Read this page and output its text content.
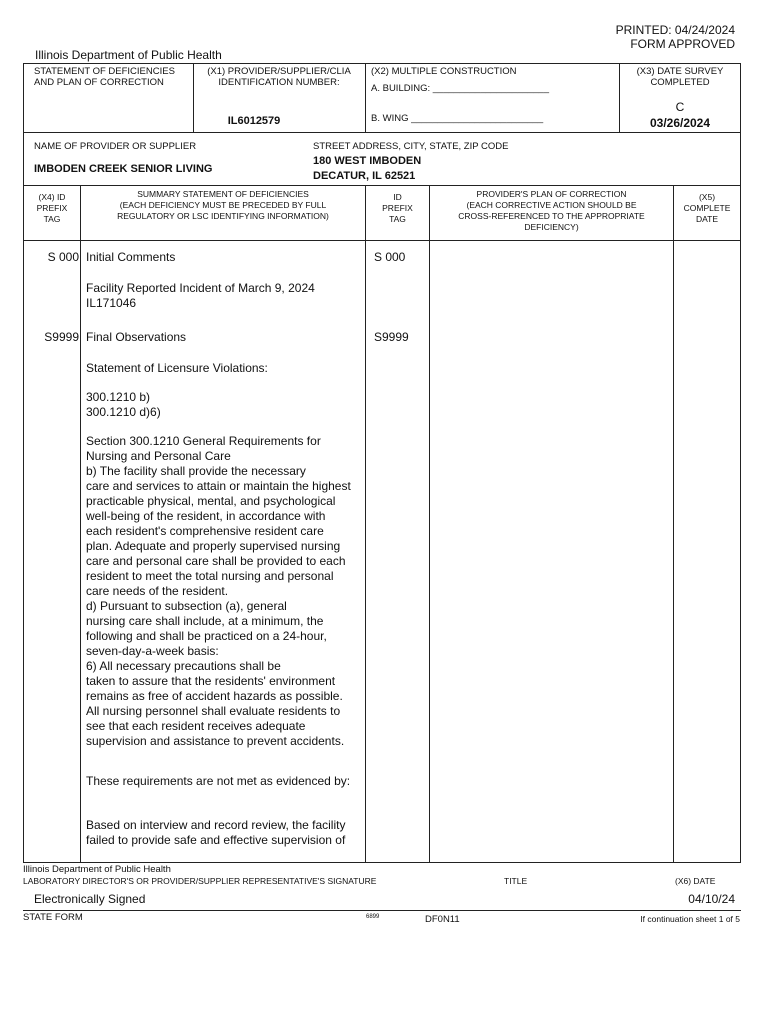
PRINTED: 04/24/2024
FORM APPROVED
Illinois Department of Public Health
STATEMENT OF DEFICIENCIES
AND PLAN OF CORRECTION
(X1) PROVIDER/SUPPLIER/CLIA
IDENTIFICATION NUMBER:
IL6012579
(X2) MULTIPLE CONSTRUCTION
A. BUILDING: ______________________
B. WING _________________________
(X3) DATE SURVEY
COMPLETED
C
03/26/2024
NAME OF PROVIDER OR SUPPLIER
IMBODEN CREEK SENIOR LIVING
STREET ADDRESS, CITY, STATE, ZIP CODE
180 WEST IMBODEN
DECATUR, IL 62521
(X4) ID
PREFIX
TAG
SUMMARY STATEMENT OF DEFICIENCIES
(EACH DEFICIENCY MUST BE PRECEDED BY FULL
REGULATORY OR LSC IDENTIFYING INFORMATION)
ID
PREFIX
TAG
PROVIDER'S PLAN OF CORRECTION
(EACH CORRECTIVE ACTION SHOULD BE
CROSS-REFERENCED TO THE APPROPRIATE
DEFICIENCY)
(X5)
COMPLETE
DATE
S 000 Initial Comments	S 000
Facility Reported Incident of March 9, 2024
IL171046
S9999 Final Observations	S9999
Statement of Licensure Violations:
300.1210 b)
300.1210 d)6)
Section 300.1210 General Requirements for
Nursing and Personal Care
b) The facility shall provide the necessary
care and services to attain or maintain the highest
practicable physical, mental, and psychological
well-being of the resident, in accordance with
each resident's comprehensive resident care
plan. Adequate and properly supervised nursing
care and personal care shall be provided to each
resident to meet the total nursing and personal
care needs of the resident.
d) Pursuant to subsection (a), general
nursing care shall include, at a minimum, the
following and shall be practiced on a 24-hour,
seven-day-a-week basis:
6) All necessary precautions shall be
taken to assure that the residents' environment
remains as free of accident hazards as possible.
All nursing personnel shall evaluate residents to
see that each resident receives adequate
supervision and assistance to prevent accidents.
These requirements are not met as evidenced by:
Based on interview and record review, the facility
failed to provide safe and effective supervision of
Illinois Department of Public Health
LABORATORY DIRECTOR'S OR PROVIDER/SUPPLIER REPRESENTATIVE'S SIGNATURE	TITLE	(X6) DATE
Electronically Signed	04/10/24
STATE FORM	6899	DF0N11	If continuation sheet 1 of 5
